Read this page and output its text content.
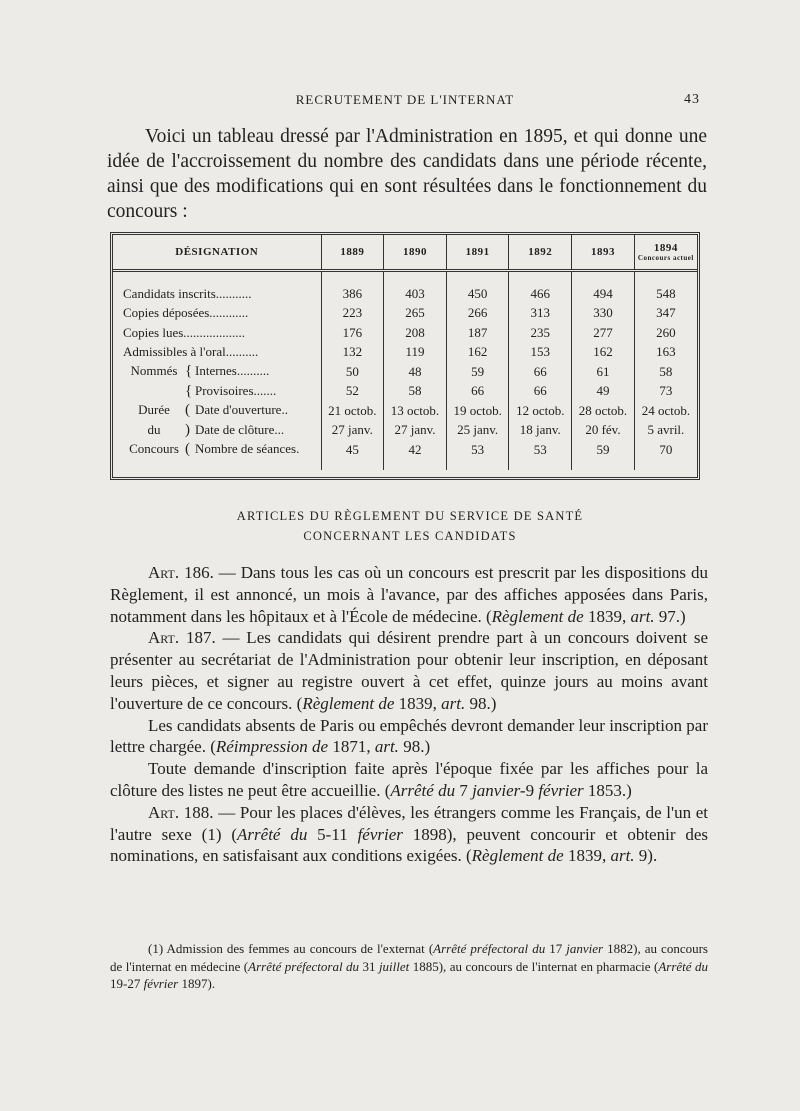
RECRUTEMENT DE L'INTERNAT	43

Voici un tableau dressé par l'Administration en 1895, et qui donne une idée de l'accroissement du nombre des candidats dans une période récente, ainsi que des modifications qui en sont résultées dans le fonctionnement du concours :

DÉSIGNATION	1889	1890	1891	1892	1893	1894
Concours actuel

Candidats inscrits...........	386	403	450	466	494	548
Copies déposées............	223	265	266	313	330	347
Copies lues...................	176	208	187	235	277	260
Admissibles à l'oral..........	132	119	162	153	162	163
Nommés { Internes..........	50	48	59	66	61	58
{ Provisoires.......	52	58	66	66	49	73
Durée ( Date d'ouverture..	21 octob.	13 octob.	19 octob.	12 octob.	28 octob.	24 octob.
du ) Date de clôture...	27 janv.	27 janv.	25 janv.	18 janv.	20 fév.	5 avril.
Concours ( Nombre de séances.	45	42	53	53	59	70

ARTICLES DU RÈGLEMENT DU SERVICE DE SANTÉ
CONCERNANT LES CANDIDATS

Art. 186. — Dans tous les cas où un concours est prescrit par les dispositions du Règlement, il est annoncé, un mois à l'avance, par des affiches apposées dans Paris, notamment dans les hôpitaux et à l'École de médecine. (Règlement de 1839, art. 97.)

Art. 187. — Les candidats qui désirent prendre part à un concours doivent se présenter au secrétariat de l'Administration pour obtenir leur inscription, en déposant leurs pièces, et signer au registre ouvert à cet effet, quinze jours au moins avant l'ouverture de ce concours. (Règlement de 1839, art. 98.)

Les candidats absents de Paris ou empêchés devront demander leur inscription par lettre chargée. (Réimpression de 1871, art. 98.)

Toute demande d'inscription faite après l'époque fixée par les affiches pour la clôture des listes ne peut être accueillie. (Arrêté du 7 janvier-9 février 1853.)

Art. 188. — Pour les places d'élèves, les étrangers comme les Français, de l'un et l'autre sexe (1) (Arrêté du 5-11 février 1898), peuvent concourir et obtenir des nominations, en satisfaisant aux conditions exigées. (Règlement de 1839, art. 9).

(1) Admission des femmes au concours de l'externat (Arrêté préfectoral du 17 janvier 1882), au concours de l'internat en médecine (Arrêté préfectoral du 31 juillet 1885), au concours de l'internat en pharmacie (Arrêté du 19-27 février 1897).
